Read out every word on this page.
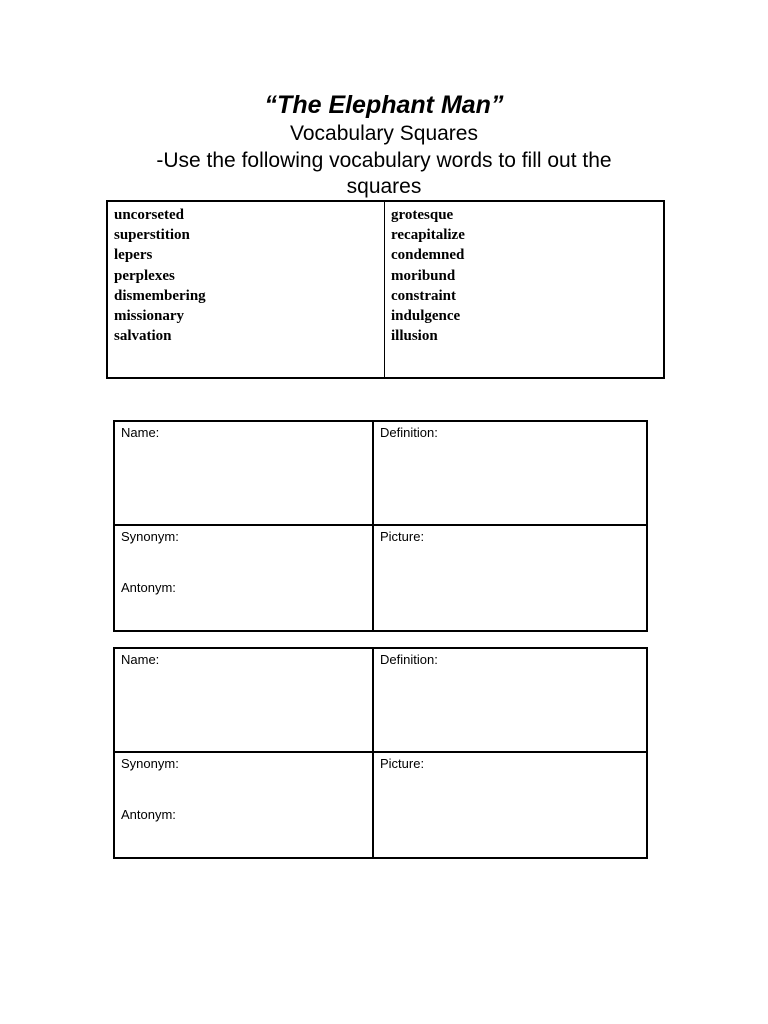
“The Elephant Man”
Vocabulary Squares
-Use the following vocabulary words to fill out the squares
uncorseted
superstition
lepers
perplexes
dismembering
missionary
salvation
grotesque
recapitalize
condemned
moribund
constraint
indulgence
illusion
Name:	Definition:
Synonym:
Antonym:
Picture:
Name:	Definition:
Synonym:
Antonym:
Picture:
